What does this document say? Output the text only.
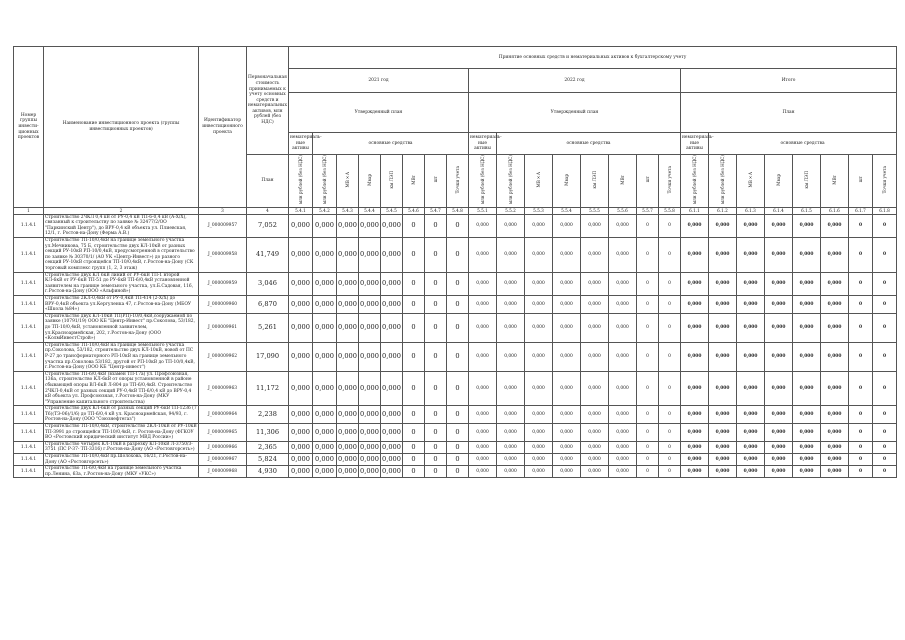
Номер группы инвести-ционных проектов	Наименование инвестиционного проекта (группы инвестиционных проектов)	Идентификатор инвестиционного проекта	Первоначальная стоимость принимаемых к учету основных средств и нематериальных активов, млн рублей (без НДС)	Принятие основных средств и нематериальных активов к бухгалтерскому учету																							
				2021 год								2022 год								Итого							
				Утвержденный план								Утвержденный план								План							
				нематериаль-ные активы	основные средства							нематериаль-ные активы	основные средства							нематериаль-ные активы	основные средства						
			План	млн рублей (без НДС)	млн рублей (без НДС)	МВ×А	Мвар	км ЛЭП	МВт	шт	Точки учета	млн рублей (без НДС)	млн рублей (без НДС)	МВ×А	Мвар	км ЛЭП	МВт	шт	Точки учета	млн рублей (без НДС)	млн рублей (без НДС)	МВ×А	Мвар	км ЛЭП	МВт	шт	Точки учета
1	2	3	4	5.4.1	5.4.2	5.4.3	5.4.4	5.4.5	5.4.6	5.4.7	5.4.8	5.5.1	5.5.2	5.5.3	5.5.4	5.5.5	5.5.6	5.5.7	5.5.8	6.1.1	6.1.2	6.1.3	6.1.4	6.1.5	6.1.6	6.1.7	6.1.8
1.1.4.1	Строительство 2ЧКЛ 0,4 кВ от РУ-0,4 кВ ТП-6-0,4 кВ (А-Х/Х), связанный к строительству по заявке № 32477/2/ОО "Паркинский Центр"), до ВРУ-0,4 кВ объекта ул. Плиевская, 12/1, г. Ростов-на-Дону (Ферма А.В.)	J_000009957	7,052	0,000	0,000	0,000	0,000	0,000	0	0	0	0,000	0,000	0,000	0,000	0,000	0,000	0	0	0,000	0,000	0,000	0,000	0,000	0,000	0	0
1.1.4.1	Строительство ТП-10/0,4кВ на границе земельного участка ул.Мечникова, 75 Б, строительство двух КЛ-10кВ от разных секций РУ-10кВ РП-10/0,4кВ, предусмотренной в строительство по заявке № 30370/1/ (АО УК «Центр-Инвест») до разного секций РУ-10кВ строящейся ТП-10/0,4кВ, г.Ростов-на-Дону (СК торговый комплекс групп (1, 2, 3 этаж)	J_000009958	41,749	0,000	0,000	0,000	0,000	0,000	0	0	0	0,000	0,000	0,000	0,000	0,000	0,000	0	0	0,000	0,000	0,000	0,000	0,000	0,000	0	0
1.1.4.1	Строительство двух КЛ 6кВ линий от РУ-6кВ ТП-1 второй КЛ-6кВ от РУ-6кВ ТП-51 до РУ-6кВ ТП-6/0,4кВ установленной заявителем на границе земельного участка, ул.Б.Садовая, 116, г.Ростов-на-Дону (ООО «Альфиной»)	J_000009959	3,046	0,000	0,000	0,000	0,000	0,000	0	0	0	0,000	0,000	0,000	0,000	0,000	0,000	0	0	0,000	0,000	0,000	0,000	0,000	0,000	0	0
1.1.4.1	Строительство 2КЛ-0,4кВ от РУ-0,4кВ ТП-414 (2-Х/Х) до ВРУ-0,4кВ объекта ул.Кергуленка 47, г.Ростов-на-Дону (МБОУ «Школа №84»)	J_000009960	6,870	0,000	0,000	0,000	0,000	0,000	0	0	0	0,000	0,000	0,000	0,000	0,000	0,000	0	0	0,000	0,000	0,000	0,000	0,000	0,000	0	0
1.1.4.1	Строительство двух КЛ-10кВ ТП(РП)-10/0,4кВ,сооружаемой по заявке (10791/19) ООО КБ "Центр-Инвест" пр.Соколова, 53/182, до ТП-10/0,4кВ, установленной заявителем, ул.Красноармейская, 202, г.Ростов-на-Дону (ООО «КолмИнвестСтрой»)	J_000009961	5,261	0,000	0,000	0,000	0,000	0,000	0	0	0	0,000	0,000	0,000	0,000	0,000	0,000	0	0	0,000	0,000	0,000	0,000	0,000	0,000	0	0
1.1.4.1	Строительство ТП-10/0,4кВ на границе земельного участка пр.Соколова, 53/182, строительство двух КЛ-10кВ, новой от ПС Р-27 до трансформаторного РП-10кВ на границе земельного участка пр.Соколова 53/182, другой от РП-10кВ до ТП-10/0,4кВ, г.Ростов-на-Дону (ООО КБ "Центр-инвест")	J_000009962	17,090	0,000	0,000	0,000	0,000	0,000	0	0	0	0,000	0,000	0,000	0,000	0,000	0,000	0	0	0,000	0,000	0,000	0,000	0,000	0,000	0	0
1.1.4.1	Строительство ТП-6/0,4кВ (взамен ТП-17а) ул. Профсоюзная, 136а, строительство КЛ-6кВ от опоры установленной в районе сбывающей опоры ВЛ-6кВ Л-804 до ТП-6/0,4кВ. Строительство 2ЧКЛ-0,4кВ от разных секций РУ-0,4кВ ТП-6/0,4 кВ до ВРУ-0,4 кВ объекта ул. Профсоюзная, г.Ростов-на-Дону (МКУ "Управление капитального строительства)	J_000009963	11,172	0,000	0,000	0,000	0,000	0,000	0	0	0	0,000	0,000	0,000	0,000	0,000	0,000	0	0	0,000	0,000	0,000	0,000	0,000	0,000	0	0
1.1.4.1	Строительство двух КЛ-6кВ от разных секций РУ-6кВ ТП-1236 (7 Т6)(ТЭ-06)/1/6) до ТП-6/0,4 кВ ул. Красноармейская, 94/93, г. Ростов-на-Дону (ООО "Союзнефтегаз")	J_000009964	2,238	0,000	0,000	0,000	0,000	0,000	0	0	0	0,000	0,000	0,000	0,000	0,000	0,000	0	0	0,000	0,000	0,000	0,000	0,000	0,000	0	0
1.1.4.1	Строительство ТП-10/0,4кВ, строительство 2КЛ-10кВ от РУ-10кВ ТП-3991 до строящейся ТП-10/0,4кВ, г. Ростов-на-Дону (ФГКОУ ВО «Ростовский юридический институт МВД России»)	J_000009965	11,306	0,000	0,000	0,000	0,000	0,000	0	0	0	0,000	0,000	0,000	0,000	0,000	0,000	0	0	0,000	0,000	0,000	0,000	0,000	0,000	0	0
1.1.4.1	Строительство четырех КЛ-10кВ в разрезку КЛ-10кВ Л-3750/3-3751 (ПС Р-37- ТП-3316) г.Ростов-на-Дону (АО «Ростовгорсеть»)	J_000009966	2,365	0,000	0,000	0,000	0,000	0,000	0	0	0	0,000	0,000	0,000	0,000	0,000	0,000	0	0	0,000	0,000	0,000	0,000	0,000	0,000	0	0
1.1.4.1	Строительство ТП-10/0,4кВ пр.Шолохова, 16/21, г.Ростов-на-Дону (АО «Ростовгорсеть»)	J_000009967	5,824	0,000	0,000	0,000	0,000	0,000	0	0	0	0,000	0,000	0,000	0,000	0,000	0,000	0	0	0,000	0,000	0,000	0,000	0,000	0,000	0	0
1.1.4.1	Строительство ТП-6/0,4кВ на границе земельного участка пр.Ленина, 63а, г.Ростов-на-Дону (МКУ «УКС»)	J_000009968	4,930	0,000	0,000	0,000	0,000	0,000	0	0	0	0,000	0,000	0,000	0,000	0,000	0,000	0	0	0,000	0,000	0,000	0,000	0,000	0,000	0	0
